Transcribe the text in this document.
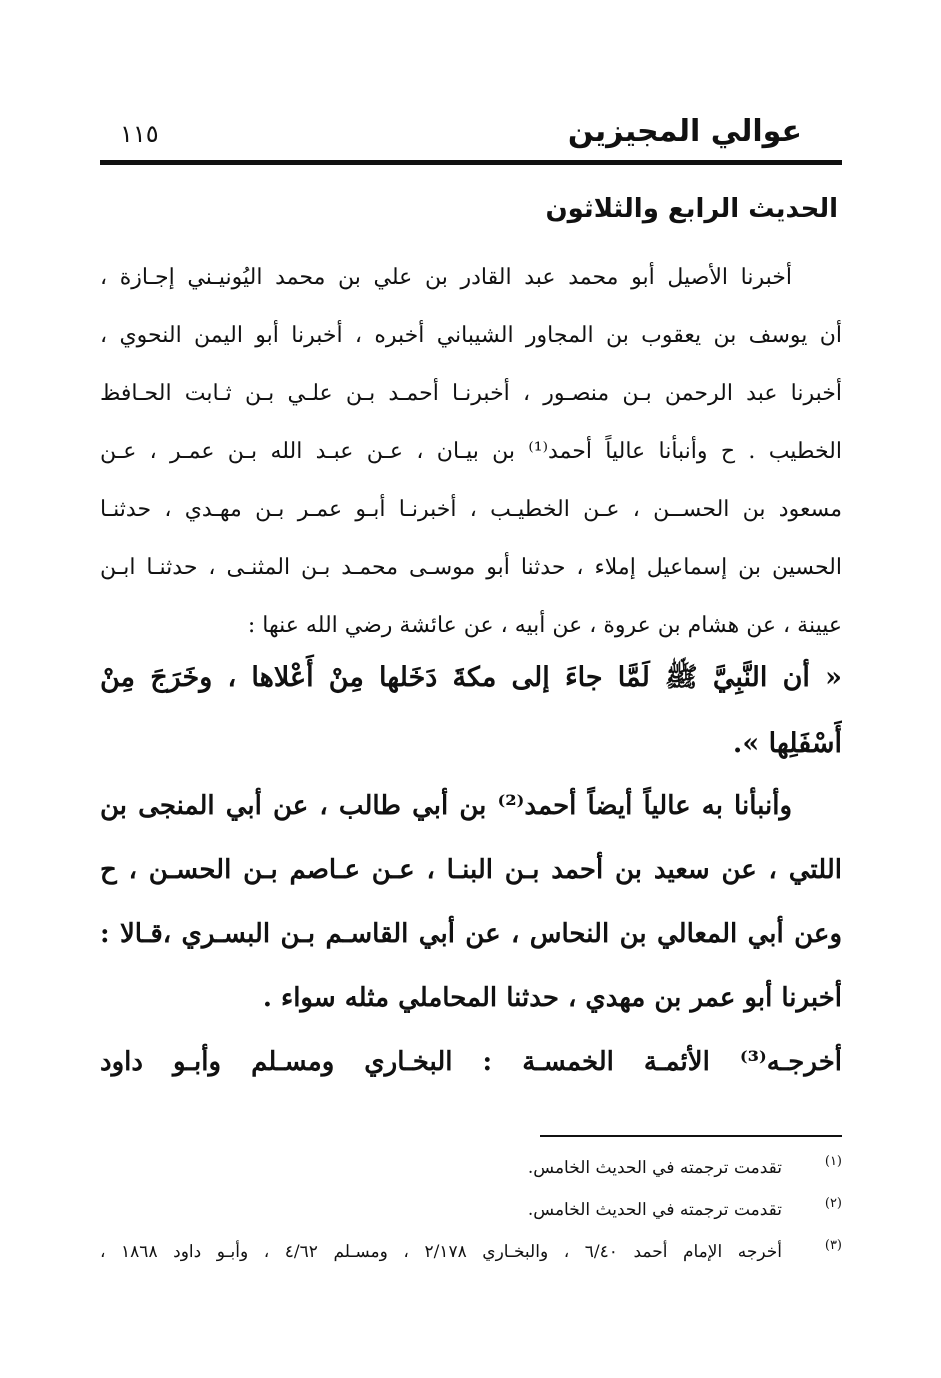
عوالي المجيزين
١١٥
الحديث الرابع والثلاثون
أخبرنا الأصيل أبو محمد عبد القادر بن علي بن محمد اليُونيـني إجـازة ،
أن يوسف بن يعقوب بن المجاور الشيباني أخبره ، أخبرنا أبو اليمن النحوي ،
أخبرنا عبد الرحمن بـن منصـور ، أخبرنـا أحمـد بـن علـي بـن ثـابت الحـافظ
الخطيب . ح وأنبأنا عالياً أحمد⁽¹⁾ بن بيـان ، عـن عبـد الله بـن عمـر ، عـن
مسعود بن الحســن ، عـن الخطيـب ، أخبرنـا أبـو عمـر بـن مهـدي ، حدثنـا
الحسين بن إسماعيل إملاء ، حدثنا أبو موسـى محمـد بـن المثنـى ، حدثنـا ابـن
عيينة ، عن هشام بن عروة ، عن أبيه ، عن عائشة رضي الله عنها :
« أن النَّبِيَّ ﷺ لَمَّا جاءَ إلى مكةَ دَخَلها مِنْ أَعْلاها ، وخَرَجَ مِنْ
أَسْفَلِها ».
وأنبأنا به عالياً أيضاً أحمد⁽²⁾ بن أبي طالب ، عن أبي المنجى بن
اللتي ، عن سعيد بن أحمد بـن البنـا ، عـن عـاصم بـن الحسـن ، ح
وعن أبي المعالي بن النحاس ، عن أبي القاسـم بـن البسـري ،قـالا :
أخبرنا أبو عمر بن مهدي ، حدثنا المحاملي مثله سواء .
أخرجـه⁽³⁾ الأئمـة الخمسـة : البخـاري ومسـلم وأبـو داود
(١)
تقدمت ترجمته في الحديث الخامس.
(٢)
تقدمت ترجمته في الحديث الخامس.
(٣)
أخرجه الإمام أحمد ٦/٤٠ ، والبخـاري ٢/١٧٨ ، ومسـلم ٤/٦٢ ، وأبـو داود ١٨٦٨ ،
